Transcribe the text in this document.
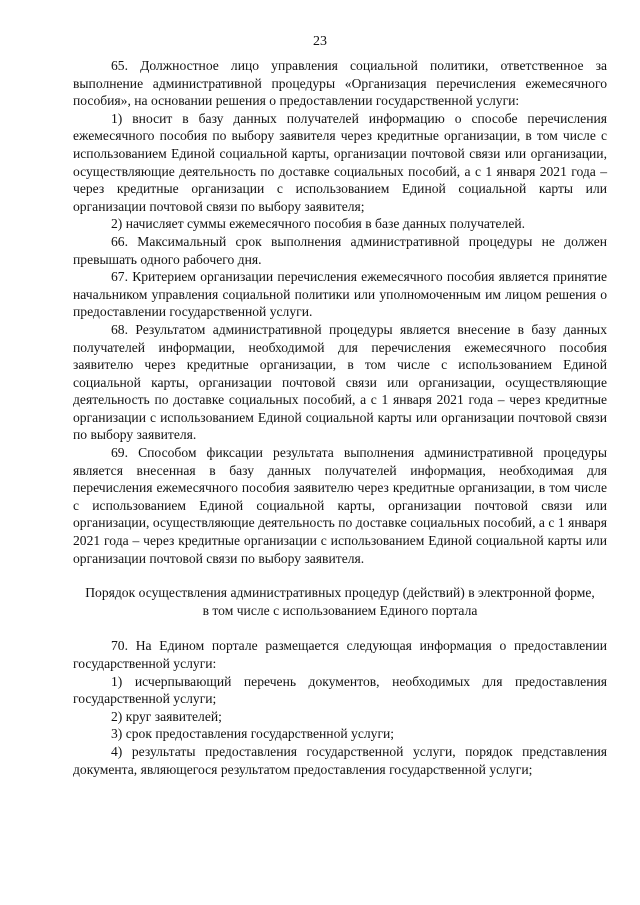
23

65. Должностное лицо управления социальной политики, ответственное за выполнение административной процедуры «Организация перечисления ежемесячного пособия», на основании решения о предоставлении государственной услуги:

1) вносит в базу данных получателей информацию о способе перечисления ежемесячного пособия по выбору заявителя через кредитные организации, в том числе с использованием Единой социальной карты, организации почтовой связи или организации, осуществляющие деятельность по доставке социальных пособий, а с 1 января 2021 года – через кредитные организации с использованием Единой социальной карты или организации почтовой связи по выбору заявителя;

2) начисляет суммы ежемесячного пособия в базе данных получателей.

66. Максимальный срок выполнения административной процедуры не должен превышать одного рабочего дня.

67. Критерием организации перечисления ежемесячного пособия является принятие начальником управления социальной политики или уполномоченным им лицом решения о предоставлении государственной услуги.

68. Результатом административной процедуры является внесение в базу данных получателей информации, необходимой для перечисления ежемесячного пособия заявителю через кредитные организации, в том числе с использованием Единой социальной карты, организации почтовой связи или организации, осуществляющие деятельность по доставке социальных пособий, а с 1 января 2021 года – через кредитные организации с использованием Единой социальной карты или организации почтовой связи по выбору заявителя.

69. Способом фиксации результата выполнения административной процедуры является внесенная в базу данных получателей информация, необходимая для перечисления ежемесячного пособия заявителю через кредитные организации, в том числе с использованием Единой социальной карты, организации почтовой связи или организации, осуществляющие деятельность по доставке социальных пособий, а с 1 января 2021 года – через кредитные организации с использованием Единой социальной карты или организации почтовой связи по выбору заявителя.

Порядок осуществления административных процедур (действий) в электронной форме, в том числе с использованием Единого портала

70. На Едином портале размещается следующая информация о предоставлении государственной услуги:

1) исчерпывающий перечень документов, необходимых для предоставления государственной услуги;

2) круг заявителей;

3) срок предоставления государственной услуги;

4) результаты предоставления государственной услуги, порядок представления документа, являющегося результатом предоставления государственной услуги;
